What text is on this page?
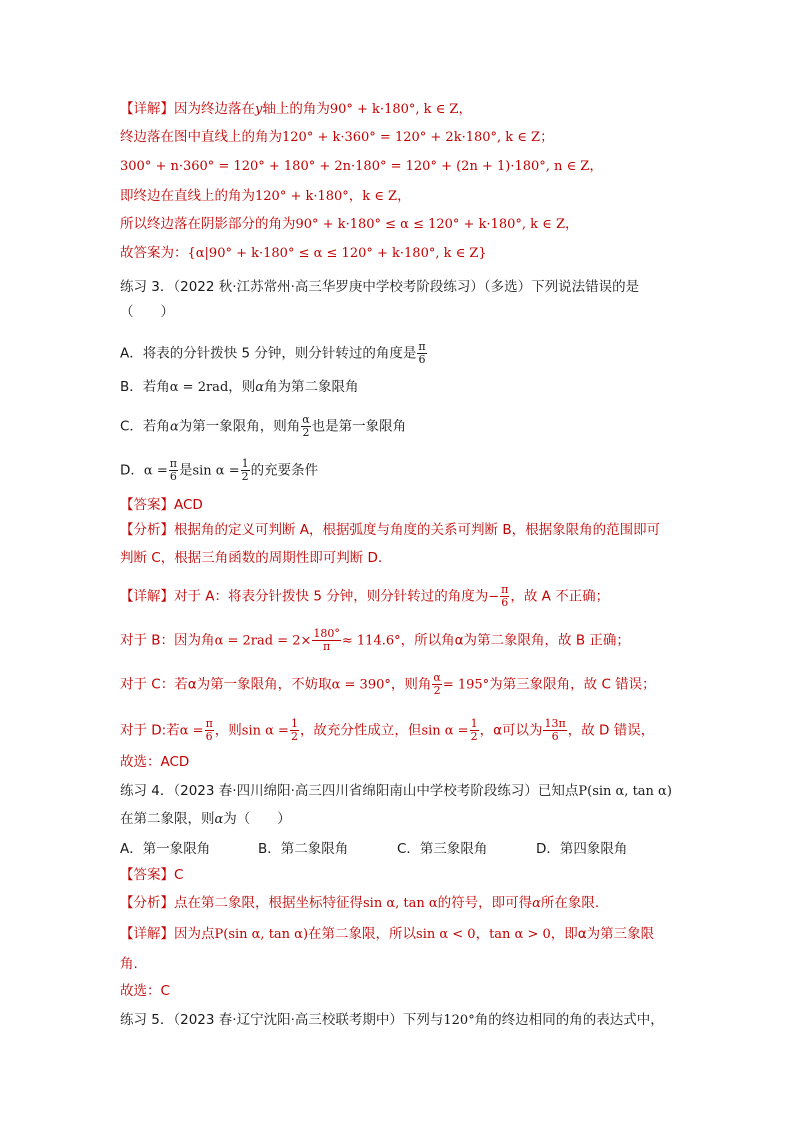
【详解】因为终边落在y轴上的角为90° + k·180°, k ∈ Z，
终边落在图中直线上的角为120° + k·360° = 120° + 2k·180°, k ∈ Z；
300° + n·360° = 120° + 180° + 2n·180° = 120° + (2n + 1)·180°, n ∈ Z，
即终边在直线上的角为120° + k·180°，k ∈ Z，
所以终边落在阴影部分的角为90° + k·180° ≤ α ≤ 120° + k·180°, k ∈ Z，
故答案为：{α|90° + k·180° ≤ α ≤ 120° + k·180°, k ∈ Z}
练习 3．（2022 秋·江苏常州·高三华罗庚中学校考阶段练习）（多选）下列说法错误的是
（　　）
A．将表的分针拨快 5 分钟，则分针转过的角度是 $\frac{\pi}{6}$
B．若角α = 2rad，则α角为第二象限角
C．若角α为第一象限角，则角 $\frac{\alpha}{2}$ 也是第一象限角
D．$\alpha = \frac{\pi}{6}$ 是$\sin \alpha = \frac{1}{2}$ 的充要条件
【答案】ACD
【分析】根据角的定义可判断 A，根据弧度与角度的关系可判断 B，根据象限角的范围即可
判断 C，根据三角函数的周期性即可判断 D.
【详解】对于 A：将表分针拨快 5 分钟，则分针转过的角度为− $\frac{\pi}{6}$ ，故 A 不正确；
对于 B：因为角$\alpha = 2rad = 2\times \frac{180^\circ}{\pi} \approx 114.6^\circ$，所以角α为第二象限角，故 B 正确；
对于 C：若α为第一象限角，不妨取α = 390°，则角 $\frac{\alpha}{2} = 195^\circ$为第三象限角，故 C 错误；
对于 D:若$\alpha = \frac{\pi}{6}$ ，则$\sin \alpha = \frac{1}{2}$ ，故充分性成立，但$\sin \alpha = \frac{1}{2}$ ，α可以为 $\frac{13\pi}{6}$ ，故 D 错误，
故选：ACD
练习 4．（2023 春·四川绵阳·高三四川省绵阳南山中学校考阶段练习）已知点P(sin α, tan α)
在第二象限，则α为（　　）
A．第一象限角	B．第二象限角	C．第三象限角	D．第四象限角
【答案】C
【分析】点在第二象限，根据坐标特征得sin α, tan α的符号，即可得α所在象限.
【详解】因为点P(sin α, tan α)在第二象限，所以sin α < 0，tan α > 0，即α为第三象限
角.
故选：C
练习 5．（2023 春·辽宁沈阳·高三校联考期中）下列与120°角的终边相同的角的表达式中，
